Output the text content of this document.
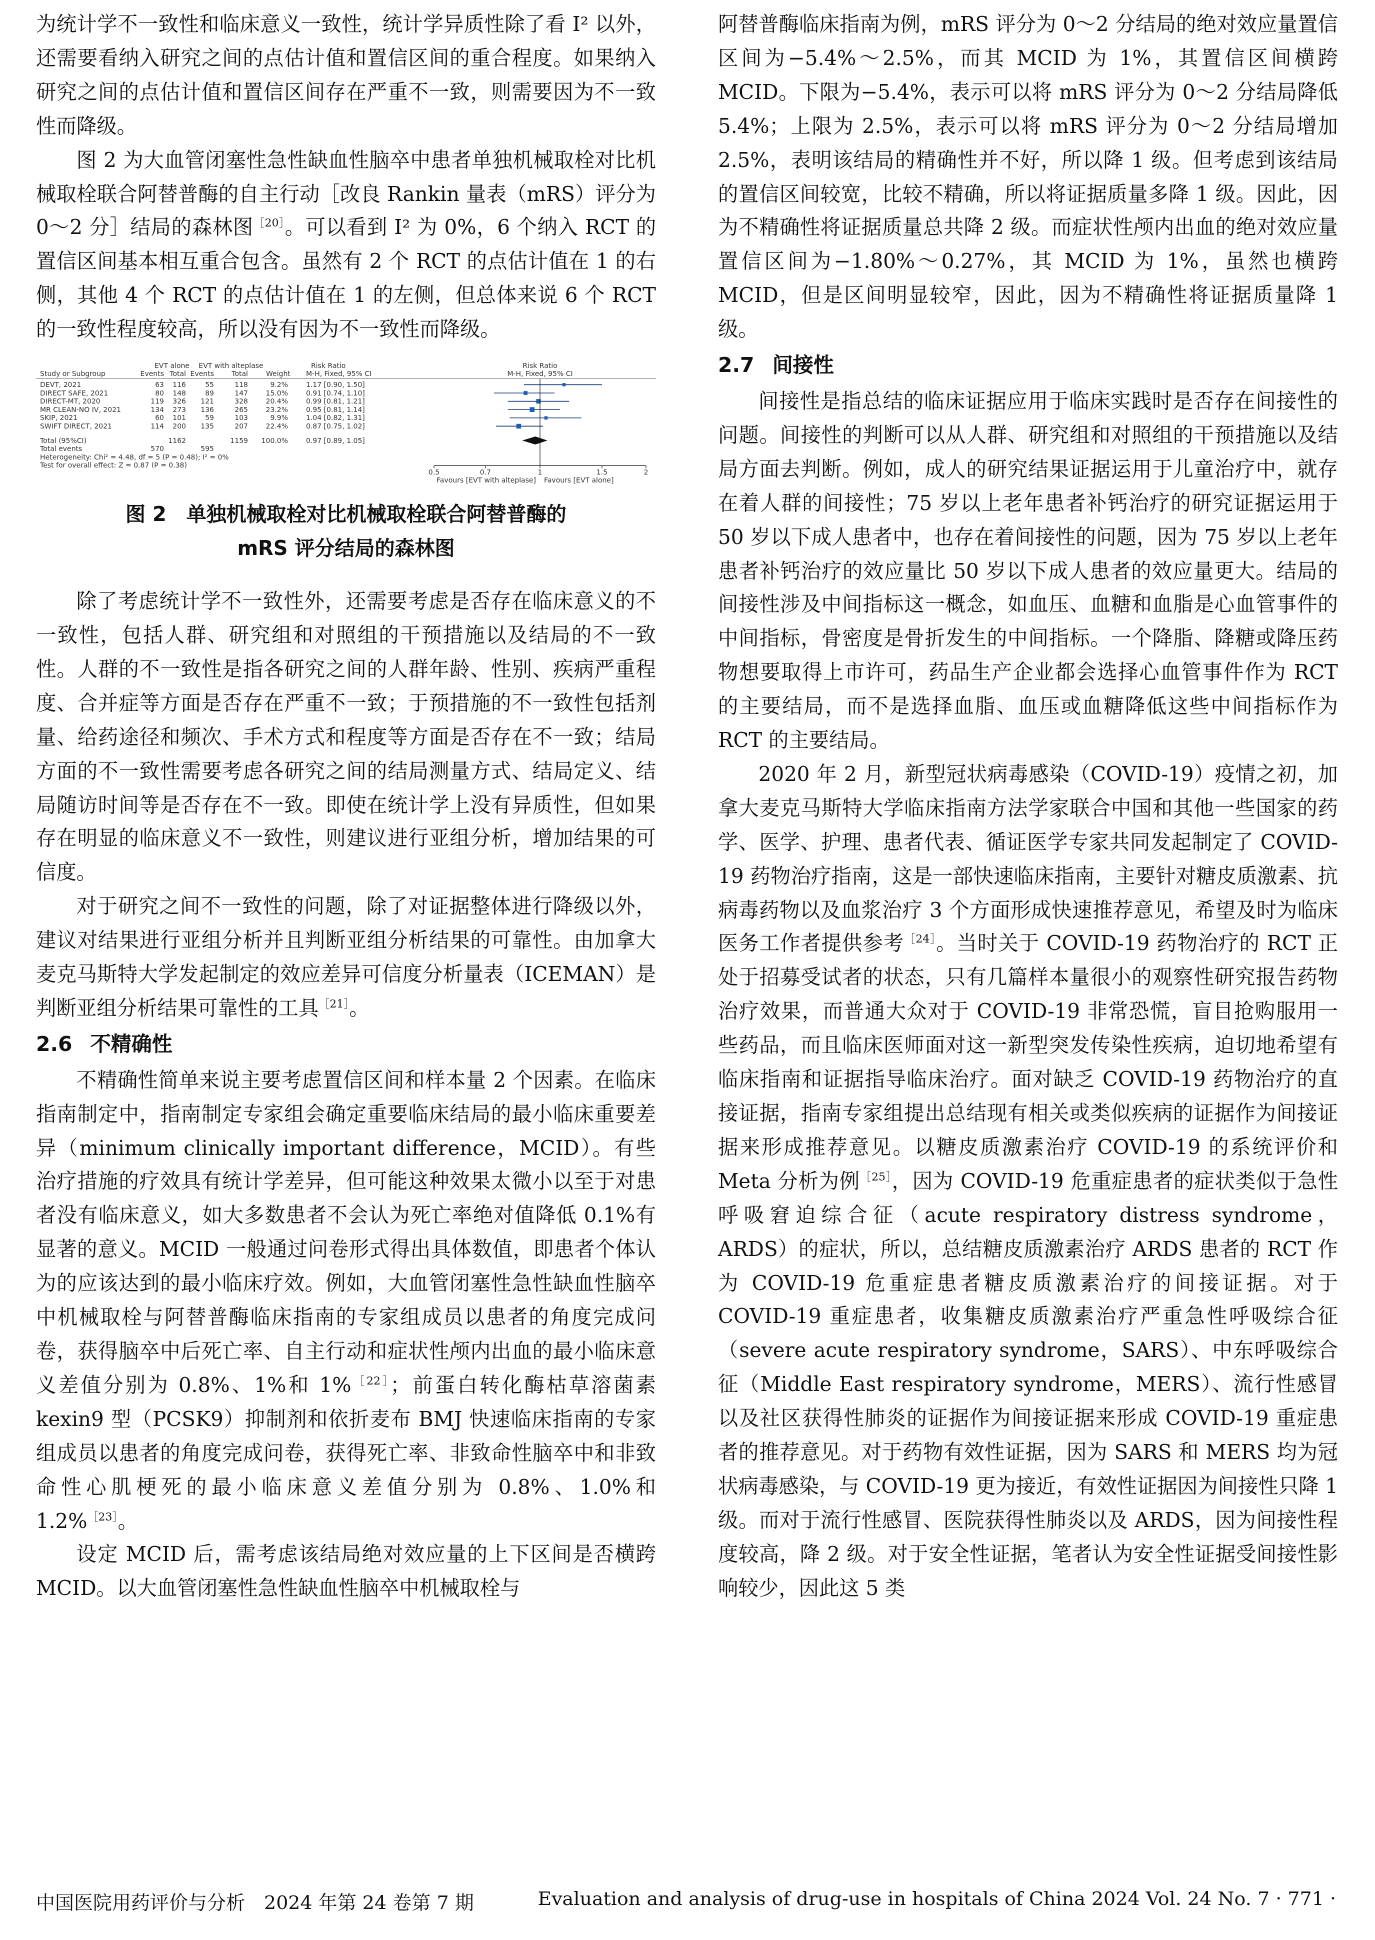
为统计学不一致性和临床意义一致性，统计学异质性除了看 I² 以外，还需要看纳入研究之间的点估计值和置信区间的重合程度。如果纳入研究之间的点估计值和置信区间存在严重不一致，则需要因为不一致性而降级。

图 2 为大血管闭塞性急性缺血性脑卒中患者单独机械取栓对比机械取栓联合阿替普酶的自主行动［改良 Rankin 量表（mRS）评分为 0～2 分］结局的森林图$^{[20]}$。可以看到 I² 为 0%，6 个纳入 RCT 的置信区间基本相互重合包含。虽然有 2 个 RCT 的点估计值在 1 的右侧，其他 4 个 RCT 的点估计值在 1 的左侧，但总体来说 6 个 RCT 的一致性程度较高，所以没有因为不一致性而降级。

EVT alone EVT with alteplase	Risk Ratio	Risk Ratio
Study or Subgroup	Events Total Events	Total	Weight M-H, Fixed, 95% CI	M-H, Fixed, 95% CI
DEVT, 2021	63 116	55	118	9.2%	1.17 [0.90, 1.50]
DIRECT SAFE, 2021	80 148	89	147	15.0%	0.91 [0.74, 1.10]
DIRECT-MT, 2020	119 326 121	328	20.4%	0.99 [0.81, 1.21]
MR CLEAN-NO IV, 2021	134 273 136	265	23.2%	0.95 [0.81, 1.14]
SKIP, 2021	60 101	59	103	9.9%	1.04 [0.82, 1.31]
SWIFT DIRECT, 2021	114 200 135	207	22.4%	0.87 [0.75, 1.02]
Total (95%CI)	1162	1159 100.0%	0.97 [0.89, 1.05]
Total events	570	595
Heterogeneity: Chi² = 4.48, df = 5 (P = 0.48); I² = 0%
Test for overall effect: Z = 0.87 (P = 0.38)
0.5	0.7	1	1.5	2
Favours [EVT with alteplase] Favours [EVT alone]

图 2　单独机械取栓对比机械取栓联合阿替普酶的
mRS 评分结局的森林图

除了考虑统计学不一致性外，还需要考虑是否存在临床意义的不一致性，包括人群、研究组和对照组的干预措施以及结局的不一致性。人群的不一致性是指各研究之间的人群年龄、性别、疾病严重程度、合并症等方面是否存在严重不一致；于预措施的不一致性包括剂量、给药途径和频次、手术方式和程度等方面是否存在不一致；结局方面的不一致性需要考虑各研究之间的结局测量方式、结局定义、结局随访时间等是否存在不一致。即使在统计学上没有异质性，但如果存在明显的临床意义不一致性，则建议进行亚组分析，增加结果的可信度。

对于研究之间不一致性的问题，除了对证据整体进行降级以外，建议对结果进行亚组分析并且判断亚组分析结果的可靠性。由加拿大麦克马斯特大学发起制定的效应差异可信度分析量表（ICEMAN）是判断亚组分析结果可靠性的工具$^{[21]}$。

2.6 不精确性

不精确性简单来说主要考虑置信区间和样本量 2 个因素。在临床指南制定中，指南制定专家组会确定重要临床结局的最小临床重要差异（minimum clinically important difference，MCID）。有些治疗措施的疗效具有统计学差异，但可能这种效果太微小以至于对患者没有临床意义，如大多数患者不会认为死亡率绝对值降低 0.1%有显著的意义。MCID 一般通过问卷形式得出具体数值，即患者个体认为的应该达到的最小临床疗效。例如，大血管闭塞性急性缺血性脑卒中机械取栓与阿替普酶临床指南的专家组成员以患者的角度完成问卷，获得脑卒中后死亡率、自主行动和症状性颅内出血的最小临床意义差值分别为 0.8%、1%和 1%$^{[22]}$；前蛋白转化酶枯草溶菌素 kexin9 型（PCSK9）抑制剂和依折麦布 BMJ 快速临床指南的专家组成员以患者的角度完成问卷，获得死亡率、非致命性脑卒中和非致命性心肌梗死的最小临床意义差值分别为 0.8%、1.0%和 1.2%$^{[23]}$。

设定 MCID 后，需考虑该结局绝对效应量的上下区间是否横跨 MCID。以大血管闭塞性急性缺血性脑卒中机械取栓与

阿替普酶临床指南为例，mRS 评分为 0～2 分结局的绝对效应量置信区间为−5.4%～2.5%，而其 MCID 为 1%，其置信区间横跨 MCID。下限为−5.4%，表示可以将 mRS 评分为 0～2 分结局降低 5.4%；上限为 2.5%，表示可以将 mRS 评分为 0～2 分结局增加 2.5%，表明该结局的精确性并不好，所以降 1 级。但考虑到该结局的置信区间较宽，比较不精确，所以将证据质量多降 1 级。因此，因为不精确性将证据质量总共降 2 级。而症状性颅内出血的绝对效应量置信区间为−1.80%～0.27%，其 MCID 为 1%，虽然也横跨 MCID，但是区间明显较窄，因此，因为不精确性将证据质量降 1 级。

2.7 间接性

间接性是指总结的临床证据应用于临床实践时是否存在间接性的问题。间接性的判断可以从人群、研究组和对照组的干预措施以及结局方面去判断。例如，成人的研究结果证据运用于儿童治疗中，就存在着人群的间接性；75 岁以上老年患者补钙治疗的研究证据运用于 50 岁以下成人患者中，也存在着间接性的问题，因为 75 岁以上老年患者补钙治疗的效应量比 50 岁以下成人患者的效应量更大。结局的间接性涉及中间指标这一概念，如血压、血糖和血脂是心血管事件的中间指标，骨密度是骨折发生的中间指标。一个降脂、降糖或降压药物想要取得上市许可，药品生产企业都会选择心血管事件作为 RCT 的主要结局，而不是选择血脂、血压或血糖降低这些中间指标作为 RCT 的主要结局。

2020 年 2 月，新型冠状病毒感染（COVID-19）疫情之初，加拿大麦克马斯特大学临床指南方法学家联合中国和其他一些国家的药学、医学、护理、患者代表、循证医学专家共同发起制定了 COVID-19 药物治疗指南，这是一部快速临床指南，主要针对糖皮质激素、抗病毒药物以及血浆治疗 3 个方面形成快速推荐意见，希望及时为临床医务工作者提供参考$^{[24]}$。当时关于 COVID-19 药物治疗的 RCT 正处于招募受试者的状态，只有几篇样本量很小的观察性研究报告药物治疗效果，而普通大众对于 COVID-19 非常恐慌，盲目抢购服用一些药品，而且临床医师面对这一新型突发传染性疾病，迫切地希望有临床指南和证据指导临床治疗。面对缺乏 COVID-19 药物治疗的直接证据，指南专家组提出总结现有相关或类似疾病的证据作为间接证据来形成推荐意见。以糖皮质激素治疗 COVID-19 的系统评价和 Meta 分析为例$^{[25]}$，因为 COVID-19 危重症患者的症状类似于急性呼吸窘迫综合征（acute respiratory distress syndrome，ARDS）的症状，所以，总结糖皮质激素治疗 ARDS 患者的 RCT 作为 COVID-19 危重症患者糖皮质激素治疗的间接证据。对于 COVID-19 重症患者，收集糖皮质激素治疗严重急性呼吸综合征（severe acute respiratory syndrome，SARS）、中东呼吸综合征（Middle East respiratory syndrome，MERS）、流行性感冒以及社区获得性肺炎的证据作为间接证据来形成 COVID-19 重症患者的推荐意见。对于药物有效性证据，因为 SARS 和 MERS 均为冠状病毒感染，与 COVID-19 更为接近，有效性证据因为间接性只降 1 级。而对于流行性感冒、医院获得性肺炎以及 ARDS，因为间接性程度较高，降 2 级。对于安全性证据，笔者认为安全性证据受间接性影响较少，因此这 5 类

中国医院用药评价与分析　2024 年第 24 卷第 7 期	Evaluation and analysis of drug-use in hospitals of China 2024 Vol. 24 No. 7 · 771 ·
